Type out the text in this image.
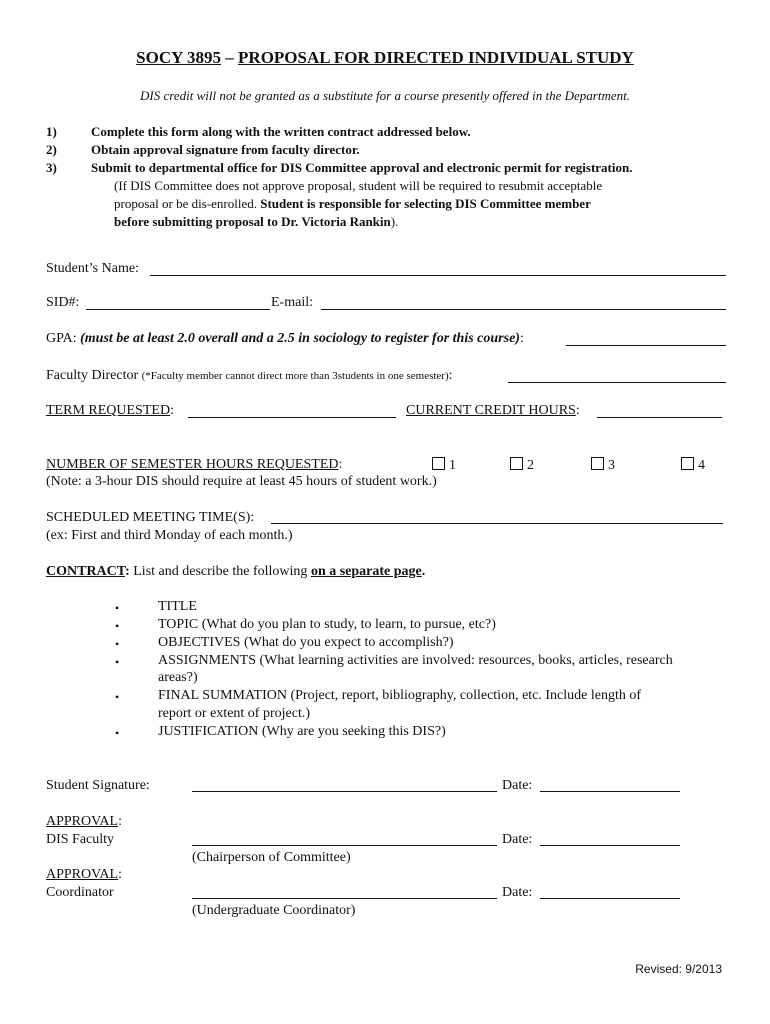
SOCY 3895 – PROPOSAL FOR DIRECTED INDIVIDUAL STUDY
DIS credit will not be granted as a substitute for a course presently offered in the Department.
1)	Complete this form along with the written contract addressed below.
2)	Obtain approval signature from faculty director.
3)	Submit to departmental office for DIS Committee approval and electronic permit for registration.
(If DIS Committee does not approve proposal, student will be required to resubmit acceptable
proposal or be dis-enrolled. Student is responsible for selecting DIS Committee member
before submitting proposal to Dr. Victoria Rankin).
Student’s Name:
SID#:	E-mail:
GPA: (must be at least 2.0 overall and a 2.5 in sociology to register for this course):
Faculty Director (*Faculty member cannot direct more than 3students in one semester):
TERM REQUESTED:	CURRENT CREDIT HOURS:
NUMBER OF SEMESTER HOURS REQUESTED:	1	2	3	4
(Note: a 3-hour DIS should require at least 45 hours of student work.)
SCHEDULED MEETING TIME(S):
(ex: First and third Monday of each month.)
CONTRACT: List and describe the following on a separate page.
•	TITLE
•	TOPIC (What do you plan to study, to learn, to pursue, etc?)
•	OBJECTIVES (What do you expect to accomplish?)
•	ASSIGNMENTS (What learning activities are involved: resources, books, articles, research
areas?)
•	FINAL SUMMATION (Project, report, bibliography, collection, etc. Include length of
report or extent of project.)
•	JUSTIFICATION (Why are you seeking this DIS?)
Student Signature:	Date:
APPROVAL:
DIS Faculty	Date:
(Chairperson of Committee)
APPROVAL:
Coordinator	Date:
(Undergraduate Coordinator)
Revised: 9/2013
